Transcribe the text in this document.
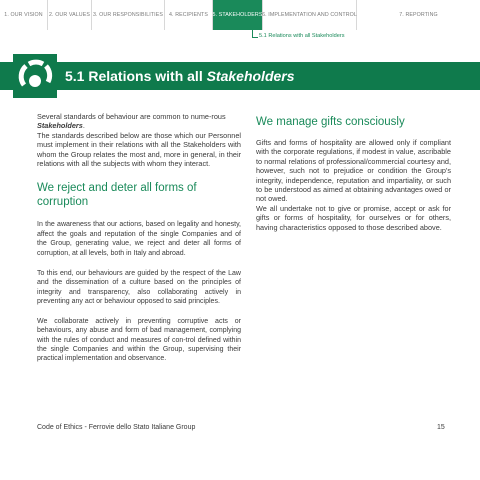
1. OUR VISION	2. OUR VALUES 3. OUR RESPONSIBILITIES	4. RECIPIENTS 5. STAKEHOLDERS 6. IMPLEMENTATION AND CONTROL	7. REPORTING
5.1 Relations with all Stakeholders
5.1 Relations with all Stakeholders

Several standards of behaviour are common to nume-rous Stakeholders.

The standards described below are those which our Personnel must implement in their relations with all the Stakeholders with whom the Group relates the most and, more in general, in their relations with all the subjects with whom they interact.

We reject and deter all forms of corruption

In the awareness that our actions, based on legality and honesty, affect the goals and reputation of the single Companies and of the Group, generating value, we reject and deter all forms of corruption, at all levels, both in Italy and abroad.

To this end, our behaviours are guided by the respect of the Law and the dissemination of a culture based on the principles of integrity and transparency, also collaborating actively in preventing any act or behaviour opposed to said principles.

We collaborate actively in preventing corruptive acts or behaviours, any abuse and form of bad management, complying with the rules of conduct and measures of con-trol defined within the single Companies and within the Group, supervising their practical implementation and observance.

We manage gifts consciously

Gifts and forms of hospitality are allowed only if compliant with the corporate regulations, if modest in value, ascribable to normal relations of professional/commercial courtesy and, however, such not to prejudice or condition the Group's integrity, independence, reputation and impartiality, or such to be understood as aimed at obtaining advantages owed or not owed.

We all undertake not to give or promise, accept or ask for gifts or forms of hospitality, for ourselves or for others, having characteristics opposed to those described above.

Code of Ethics - Ferrovie dello Stato Italiane Group	15
